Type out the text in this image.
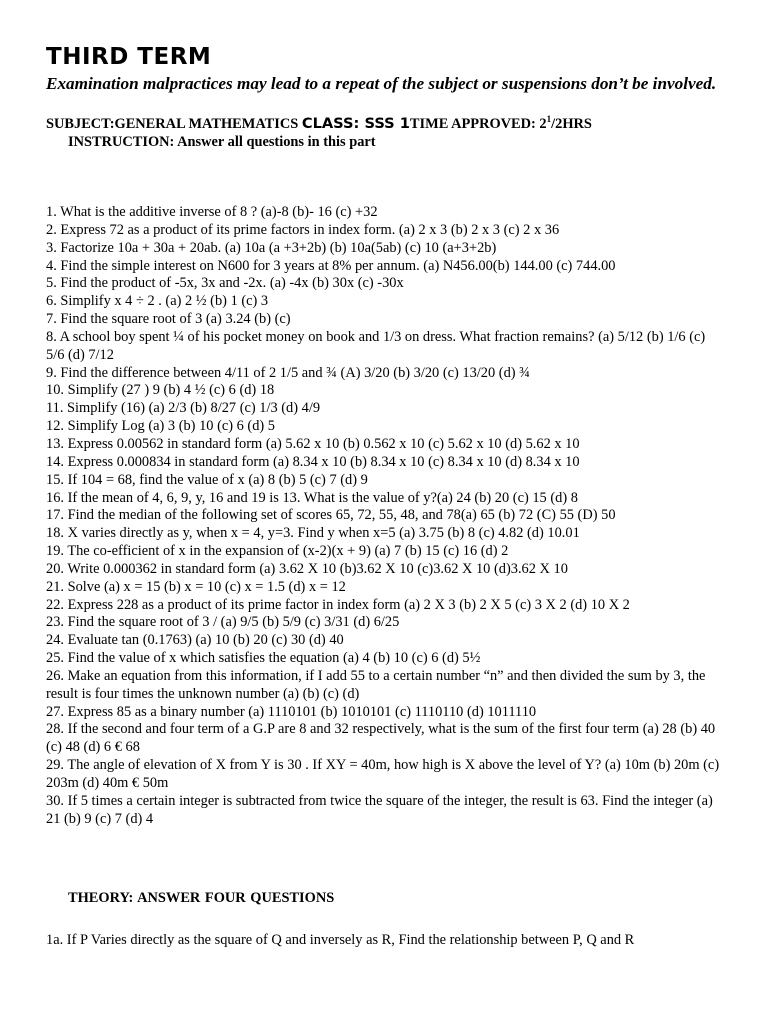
THIRD TERM

Examination malpractices may lead to a repeat of the subject or suspensions don’t be involved.

SUBJECT:GENERAL MATHEMATICS CLASS: SSS 1TIME APPROVED: $2^1/2HRS$
INSTRUCTION: Answer all questions in this part
1. What is the additive inverse of 8 ? (a)-8 (b)- 16 (c) +32
2. Express 72 as a product of its prime factors in index form. (a) 2 x 3 (b) 2 x 3 (c) 2 x 36
3. Factorize 10a + 30a + 20ab. (a) 10a (a +3+2b) (b) 10a(5ab) (c) 10 (a+3+2b)
4. Find the simple interest on N600 for 3 years at 8% per annum. (a) N456.00(b) 144.00 (c) 744.00
5. Find the product of -5x, 3x and -2x. (a) -4x (b) 30x (c) -30x
6. Simplify x 4 ÷ 2 . (a) 2 ½ (b) 1 (c) 3
7. Find the square root of 3 (a) 3.24 (b) (c)
8. A school boy spent ¼ of his pocket money on book and 1/3 on dress. What fraction remains? (a) 5/12 (b) 1/6 (c) 5/6 (d) 7/12
9. Find the difference between 4/11 of 2 1/5 and ¾ (A) 3/20 (b) 3/20 (c) 13/20 (d) ¾
10. Simplify (27 ) 9 (b) 4 ½ (c) 6 (d) 18
11. Simplify (16) (a) 2/3 (b) 8/27 (c) 1/3 (d) 4/9
12. Simplify Log (a) 3 (b) 10 (c) 6 (d) 5
13. Express 0.00562 in standard form (a) 5.62 x 10 (b) 0.562 x 10 (c) 5.62 x 10 (d) 5.62 x 10
14. Express 0.000834 in standard form (a) 8.34 x 10 (b) 8.34 x 10 (c) 8.34 x 10 (d) 8.34 x 10
15. If 104 = 68, find the value of x (a) 8 (b) 5 (c) 7 (d) 9
16. If the mean of 4, 6, 9, y, 16 and 19 is 13. What is the value of y?(a) 24 (b) 20 (c) 15 (d) 8
17. Find the median of the following set of scores 65, 72, 55, 48, and 78(a) 65 (b) 72 (C) 55 (D) 50
18. X varies directly as y, when x = 4, y=3. Find y when x=5 (a) 3.75 (b) 8 (c) 4.82 (d) 10.01
19. The co-efficient of x in the expansion of (x-2)(x + 9) (a) 7 (b) 15 (c) 16 (d) 2
20. Write 0.000362 in standard form (a) 3.62 X 10 (b)3.62 X 10 (c)3.62 X 10 (d)3.62 X 10
21. Solve (a) x = 15 (b) x = 10 (c) x = 1.5 (d) x = 12
22. Express 228 as a product of its prime factor in index form (a) 2 X 3 (b) 2 X 5 (c) 3 X 2 (d) 10 X 2
23. Find the square root of 3 / (a) 9/5 (b) 5/9 (c) 3/31 (d) 6/25
24. Evaluate tan (0.1763) (a) 10 (b) 20 (c) 30 (d) 40
25. Find the value of x which satisfies the equation (a) 4 (b) 10 (c) 6 (d) 5½
26. Make an equation from this information, if I add 55 to a certain number “n” and then divided the sum by 3, the result is four times the unknown number (a) (b) (c) (d)
27. Express 85 as a binary number (a) 1110101 (b) 1010101 (c) 1110110 (d) 1011110
28. If the second and four term of a G.P are 8 and 32 respectively, what is the sum of the first four term (a) 28 (b) 40 (c) 48 (d) 6 € 68
29. The angle of elevation of X from Y is 30 . If XY = 40m, how high is X above the level of Y? (a) 10m (b) 20m (c) 203m (d) 40m € 50m
30. If 5 times a certain integer is subtracted from twice the square of the integer, the result is 63. Find the integer (a) 21 (b) 9 (c) 7 (d) 4
THEORY: ANSWER FOUR QUESTIONS
1a. If P Varies directly as the square of Q and inversely as R, Find the relationship between P, Q and R
